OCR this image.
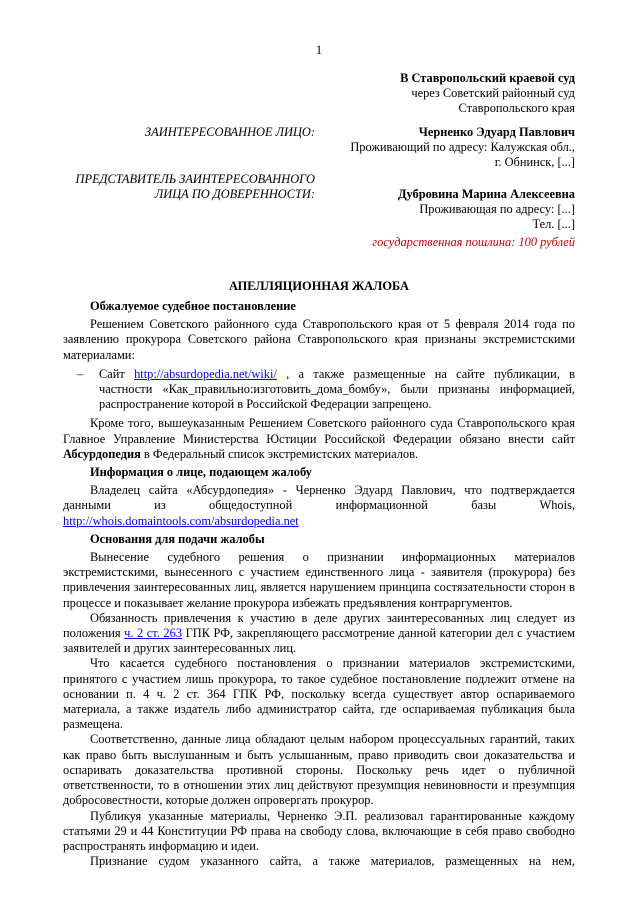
1
В Ставропольский краевой суд
через Советский районный суд
Ставропольского края
ЗАИНТЕРЕСОВАННОЕ ЛИЦО:	Черненко Эдуард Павлович
Проживающий по адресу: Калужская обл.,
г. Обнинск, [...]
ПРЕДСТАВИТЕЛЬ ЗАИНТЕРЕСОВАННОГО
ЛИЦА ПО ДОВЕРЕННОСТИ:	Дубровина Марина Алексеевна
Проживающая по адресу: [...]
Тел. [...]
государственная пошлина: 100 рублей
АПЕЛЛЯЦИОННАЯ ЖАЛОБА
Обжалуемое судебное постановление

Решением Советского районного суда Ставропольского края от 5 февраля 2014 года по заявлению прокурора Советского района Ставропольского края признаны экстремистскими материалами:

– Сайт http://absurdopedia.net/wiki/ , а также размещенные на сайте публикации, в частности «Как_правильно:изготовить_дома_бомбу», были признаны информацией, распространение которой в Российской Федерации запрещено.

Кроме того, вышеуказанным Решением Советского районного суда Ставропольского края Главное Управление Министерства Юстиции Российской Федерации обязано внести сайт Абсурдопедия в Федеральный список экстремистских материалов.

Информация о лице, подающем жалобу

Владелец сайта «Абсурдопедия» - Черненко Эдуард Павлович, что подтверждается данными из общедоступной информационной базы Whois, http://whois.domaintools.com/absurdopedia.net

Основания для подачи жалобы

Вынесение судебного решения о признании информационных материалов экстремистскими, вынесенного с участием единственного лица - заявителя (прокурора) без привлечения заинтересованных лиц, является нарушением принципа состязательности сторон в процессе и показывает желание прокурора избежать предъявления контраргументов.

Обязанность привлечения к участию в деле других заинтересованных лиц следует из положения ч. 2 ст. 263 ГПК РФ, закрепляющего рассмотрение данной категории дел с участием заявителей и других заинтересованных лиц.

Что касается судебного постановления о признании материалов экстремистскими, принятого с участием лишь прокурора, то такое судебное постановление подлежит отмене на основании п. 4 ч. 2 ст. 364 ГПК РФ, поскольку всегда существует автор оспариваемого материала, а также издатель либо администратор сайта, где оспариваемая публикация была размещена.

Соответственно, данные лица обладают целым набором процессуальных гарантий, таких как право быть выслушанным и быть услышанным, право приводить свои доказательства и оспаривать доказательства противной стороны. Поскольку речь идет о публичной ответственности, то в отношении этих лиц действуют презумпция невиновности и презумпция добросовестности, которые должен опровергать прокурор.

Публикуя указанные материалы, Черненко Э.П. реализовал гарантированные каждому статьями 29 и 44 Конституции РФ права на свободу слова, включающие в себя право свободно распространять информацию и идеи.

Признание судом указанного сайта, а также материалов, размещенных на нем,
